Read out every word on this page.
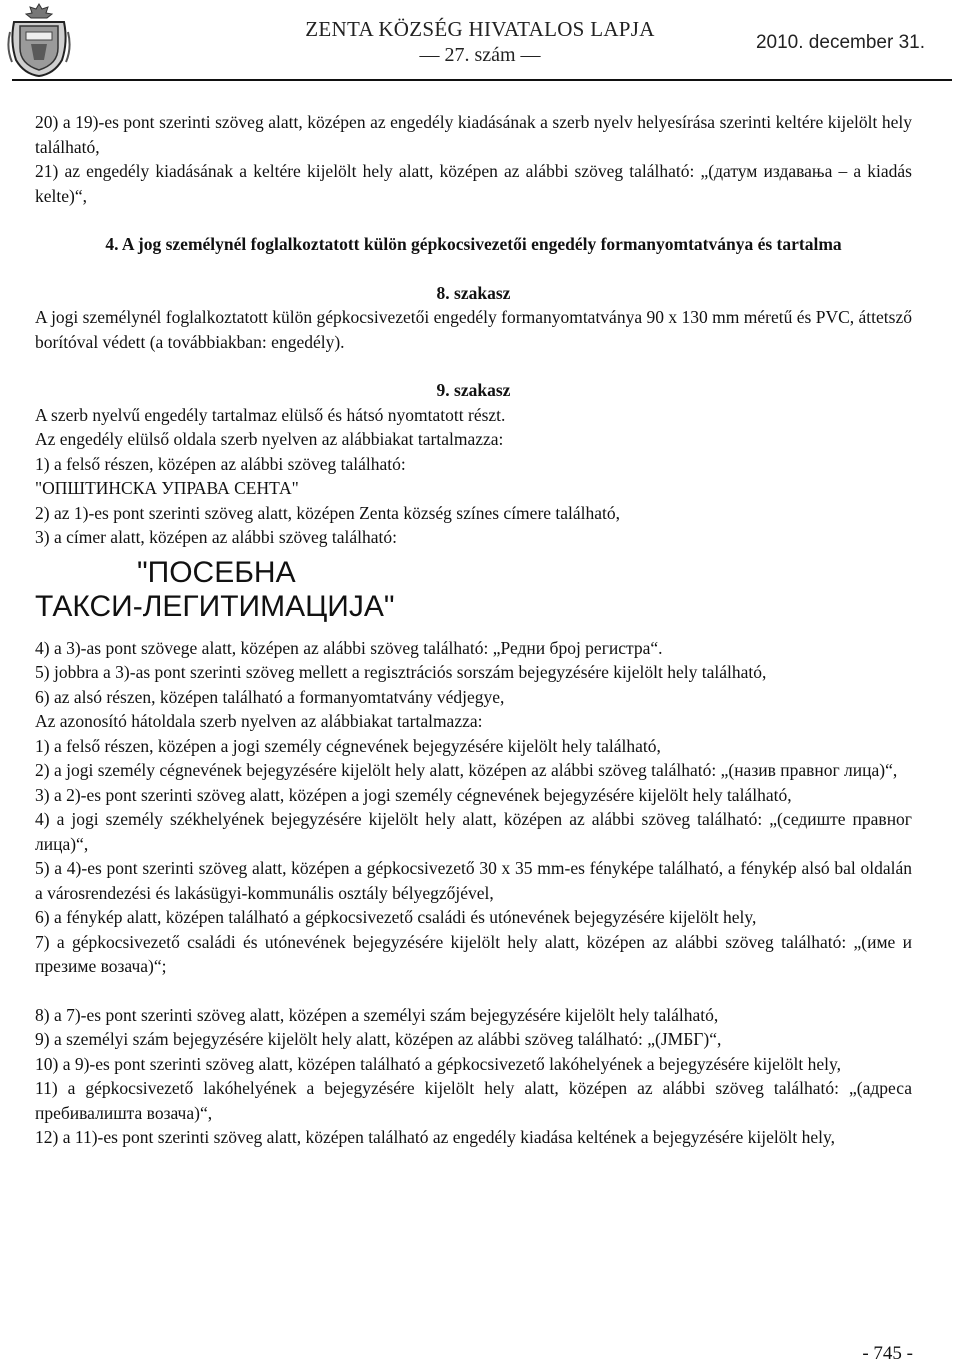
ZENTA KÖZSÉG HIVATALOS LAPJA
— 27. szám —
2010. december 31.

20) a 19)-es pont szerinti szöveg alatt, középen az engedély kiadásának a szerb nyelv helyesírása szerinti keltére kijelölt hely található,

21) az engedély kiadásának a keltére kijelölt hely alatt, középen az alábbi szöveg található: „(датум издавања – a kiadás kelte)“,

4. A jog személynél foglalkoztatott külön gépkocsivezetői engedély formanyomtatványa és tartalma

8. szakasz

A jogi személynél foglalkoztatott külön gépkocsivezetői engedély formanyomtatványa 90 x 130 mm méretű és PVC, áttetsző borítóval védett (a továbbiakban: engedély).

9. szakasz

A szerb nyelvű engedély tartalmaz elülső és hátsó nyomtatott részt.

Az engedély elülső oldala szerb nyelven az alábbiakat tartalmazza:

1) a felső részen, középen az alábbi szöveg található:

"ОПШТИНСКА УПРАВА СЕНТА"

2) az 1)-es pont szerinti szöveg alatt, középen Zenta község színes címere található,

3) a címer alatt, középen az alábbi szöveg található:

"ПОСЕБНА

ТАКСИ-ЛЕГИТИМАЦИЈА"

4) a 3)-as pont szövege alatt, középen az alábbi szöveg található: „Редни број регистра“.

5) jobbra a 3)-as pont szerinti szöveg mellett a regisztrációs sorszám bejegyzésére kijelölt hely található,

6) az alsó részen, középen található a formanyomtatvány védjegye,

Az azonosító hátoldala szerb nyelven az alábbiakat tartalmazza:

1) a felső részen, középen a jogi személy cégnevének bejegyzésére kijelölt hely található,

2) a jogi személy cégnevének bejegyzésére kijelölt hely alatt, középen az alábbi szöveg található: „(назив правног лица)“,

3) a 2)-es pont szerinti szöveg alatt, középen a jogi személy cégnevének bejegyzésére kijelölt hely található,

4) a jogi személy székhelyének bejegyzésére kijelölt hely alatt, középen az alábbi szöveg található: „(седиште правног лица)“,

5) a 4)-es pont szerinti szöveg alatt, középen a gépkocsivezető 30 x 35 mm-es fényképe található, a fénykép alsó bal oldalán a városrendezési és lakásügyi-kommunális osztály bélyegzőjével,

6) a fénykép alatt, középen található a gépkocsivezető családi és utónevének bejegyzésére kijelölt hely,

7) a gépkocsivezető családi és utónevének bejegyzésére kijelölt hely alatt, középen az alábbi szöveg található: „(име и презиме возача)“;

8) a 7)-es pont szerinti szöveg alatt, középen a személyi szám bejegyzésére kijelölt hely található,

9) a személyi szám bejegyzésére kijelölt hely alatt, középen az alábbi szöveg található: „(ЈМБГ)“,

10) a 9)-es pont szerinti szöveg alatt, középen található a gépkocsivezető lakóhelyének a bejegyzésére kijelölt hely,

11) a gépkocsivezető lakóhelyének a bejegyzésére kijelölt hely alatt, középen az alábbi szöveg található: „(адреса пребивалишта возача)“,

12) a 11)-es pont szerinti szöveg alatt, középen található az engedély kiadása keltének a bejegyzésére kijelölt hely,

- 745 -
